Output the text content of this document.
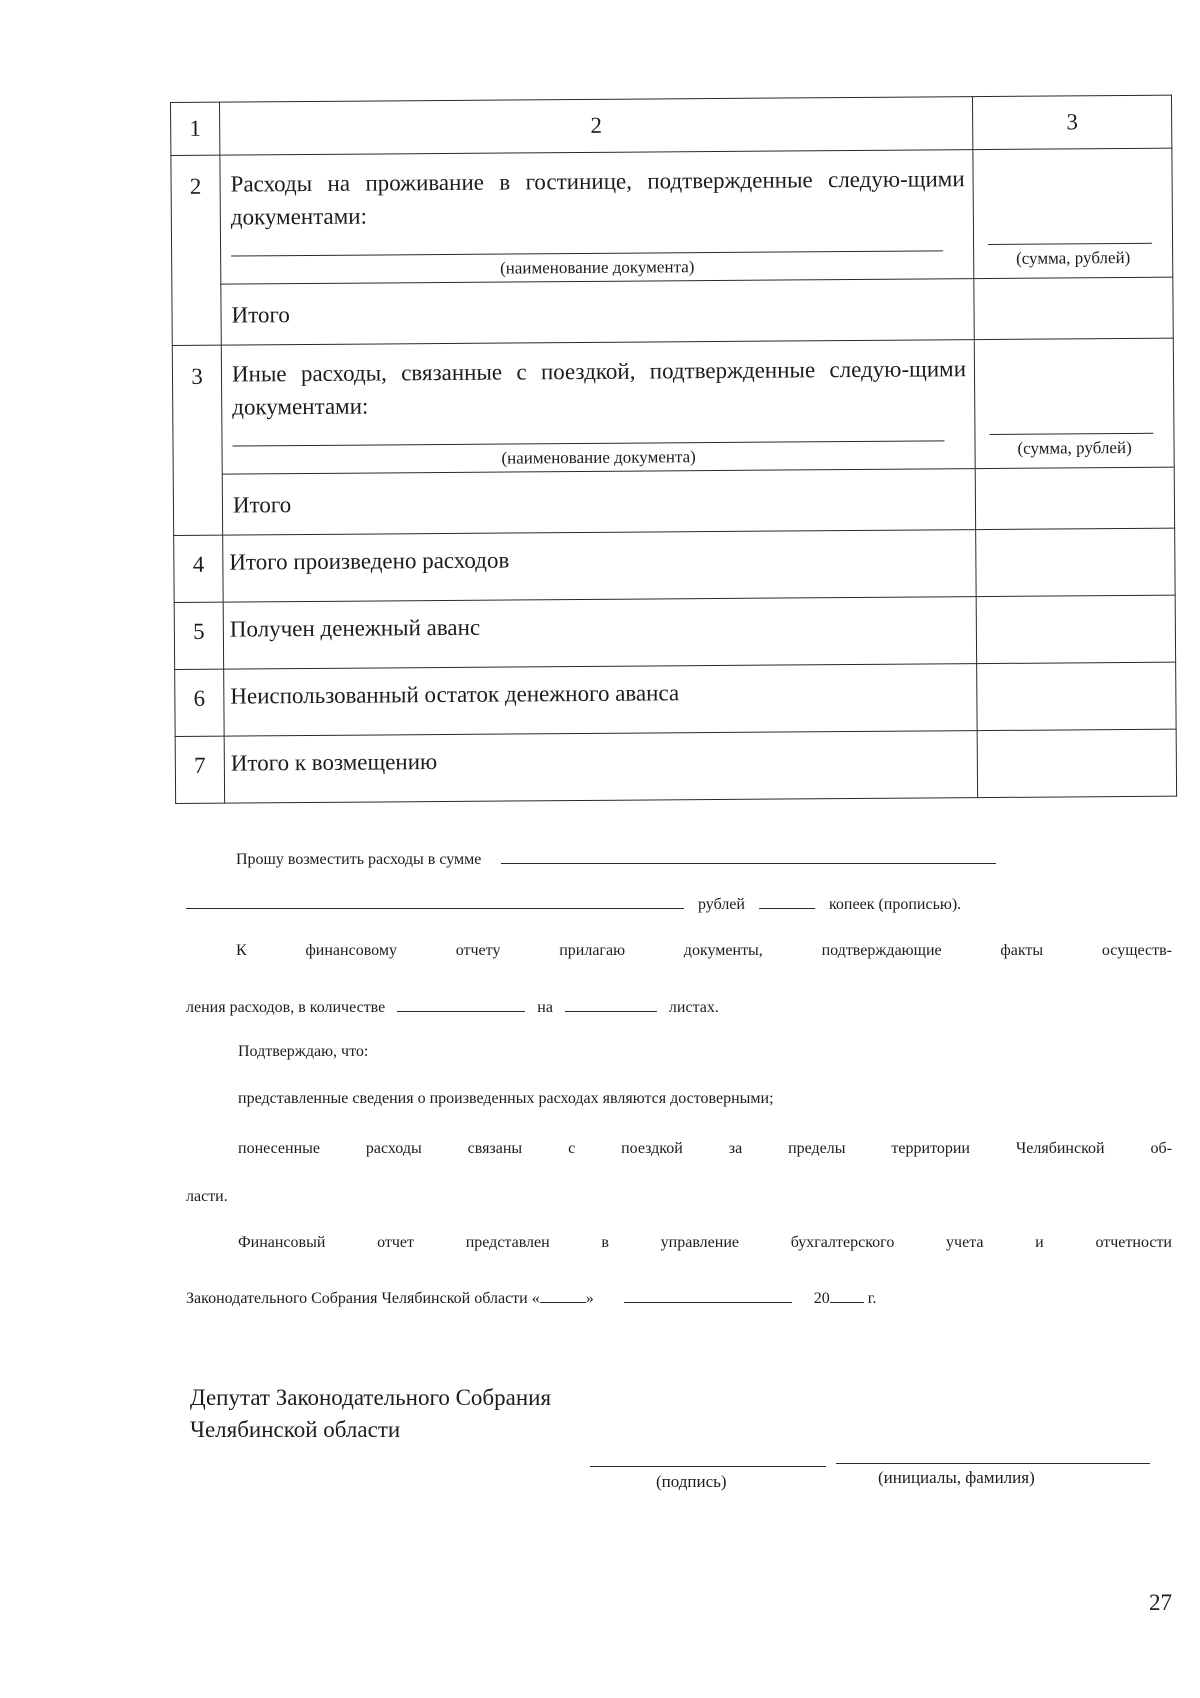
1	2	3
2	Расходы на проживание в гостинице, подтвержденные следую-щими документами:
(наименование документа)	(сумма, рублей)

	Итого	
3	Иные расходы, связанные с поездкой, подтвержденные следую-щими документами:
(наименование документа)	(сумма, рублей)

	Итого	
4	Итого произведено расходов	
5	Получен денежный аванс	
6	Неиспользованный остаток денежного аванса	
7	Итого к возмещению	
Прошу возместить расходы в сумме
рублей	копеек (прописью).
К финансовому отчету прилагаю документы, подтверждающие факты осуществ-
ления расходов, в количестве	на	листах.
Подтверждаю, что:
представленные сведения о произведенных расходах являются достоверными;
понесенные расходы связаны с поездкой за пределы территории Челябинской об-
ласти.
Финансовый отчет представлен в управление бухгалтерского учета и отчетности
Законодательного Собрания Челябинской области «	»	20 г.
Депутат Законодательного Собрания
Челябинской области
(подпись)	(инициалы, фамилия)
27
